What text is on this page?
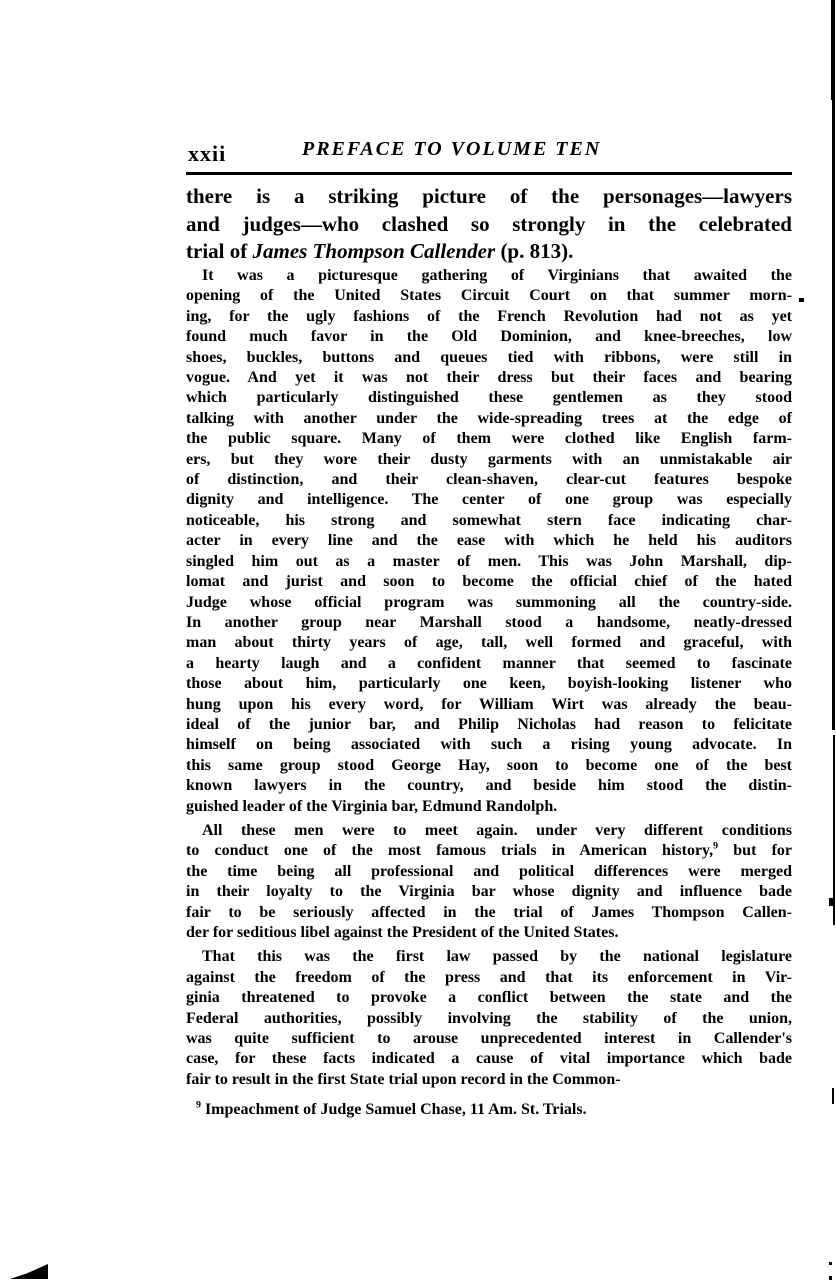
xxii	PREFACE TO VOLUME TEN
there is a striking picture of the personages—lawyers
and judges—who clashed so strongly in the celebrated
trial of James Thompson Callender (p. 813).
It was a picturesque gathering of Virginians that awaited the
opening of the United States Circuit Court on that summer morn-
ing, for the ugly fashions of the French Revolution had not as yet
found much favor in the Old Dominion, and knee-breeches, low
shoes, buckles, buttons and queues tied with ribbons, were still in
vogue. And yet it was not their dress but their faces and bearing
which particularly distinguished these gentlemen as they stood
talking with another under the wide-spreading trees at the edge of
the public square. Many of them were clothed like English farm-
ers, but they wore their dusty garments with an unmistakable air
of distinction, and their clean-shaven, clear-cut features bespoke
dignity and intelligence. The center of one group was especially
noticeable, his strong and somewhat stern face indicating char-
acter in every line and the ease with which he held his auditors
singled him out as a master of men. This was John Marshall, dip-
lomat and jurist and soon to become the official chief of the hated
Judge whose official program was summoning all the country-side.
In another group near Marshall stood a handsome, neatly-dressed
man about thirty years of age, tall, well formed and graceful, with
a hearty laugh and a confident manner that seemed to fascinate
those about him, particularly one keen, boyish-looking listener who
hung upon his every word, for William Wirt was already the beau-
ideal of the junior bar, and Philip Nicholas had reason to felicitate
himself on being associated with such a rising young advocate. In
this same group stood George Hay, soon to become one of the best
known lawyers in the country, and beside him stood the distin-
guished leader of the Virginia bar, Edmund Randolph.
All these men were to meet again. under very different conditions
to conduct one of the most famous trials in American history,$^9$ but for
the time being all professional and political differences were merged
in their loyalty to the Virginia bar whose dignity and influence bade
fair to be seriously affected in the trial of James Thompson Callen-
der for seditious libel against the President of the United States.
That this was the first law passed by the national legislature
against the freedom of the press and that its enforcement in Vir-
ginia threatened to provoke a conflict between the state and the
Federal authorities, possibly involving the stability of the union,
was quite sufficient to arouse unprecedented interest in Callender's
case, for these facts indicated a cause of vital importance which bade
fair to result in the first State trial upon record in the Common-
$^9$ Impeachment of Judge Samuel Chase, 11 Am. St. Trials.
